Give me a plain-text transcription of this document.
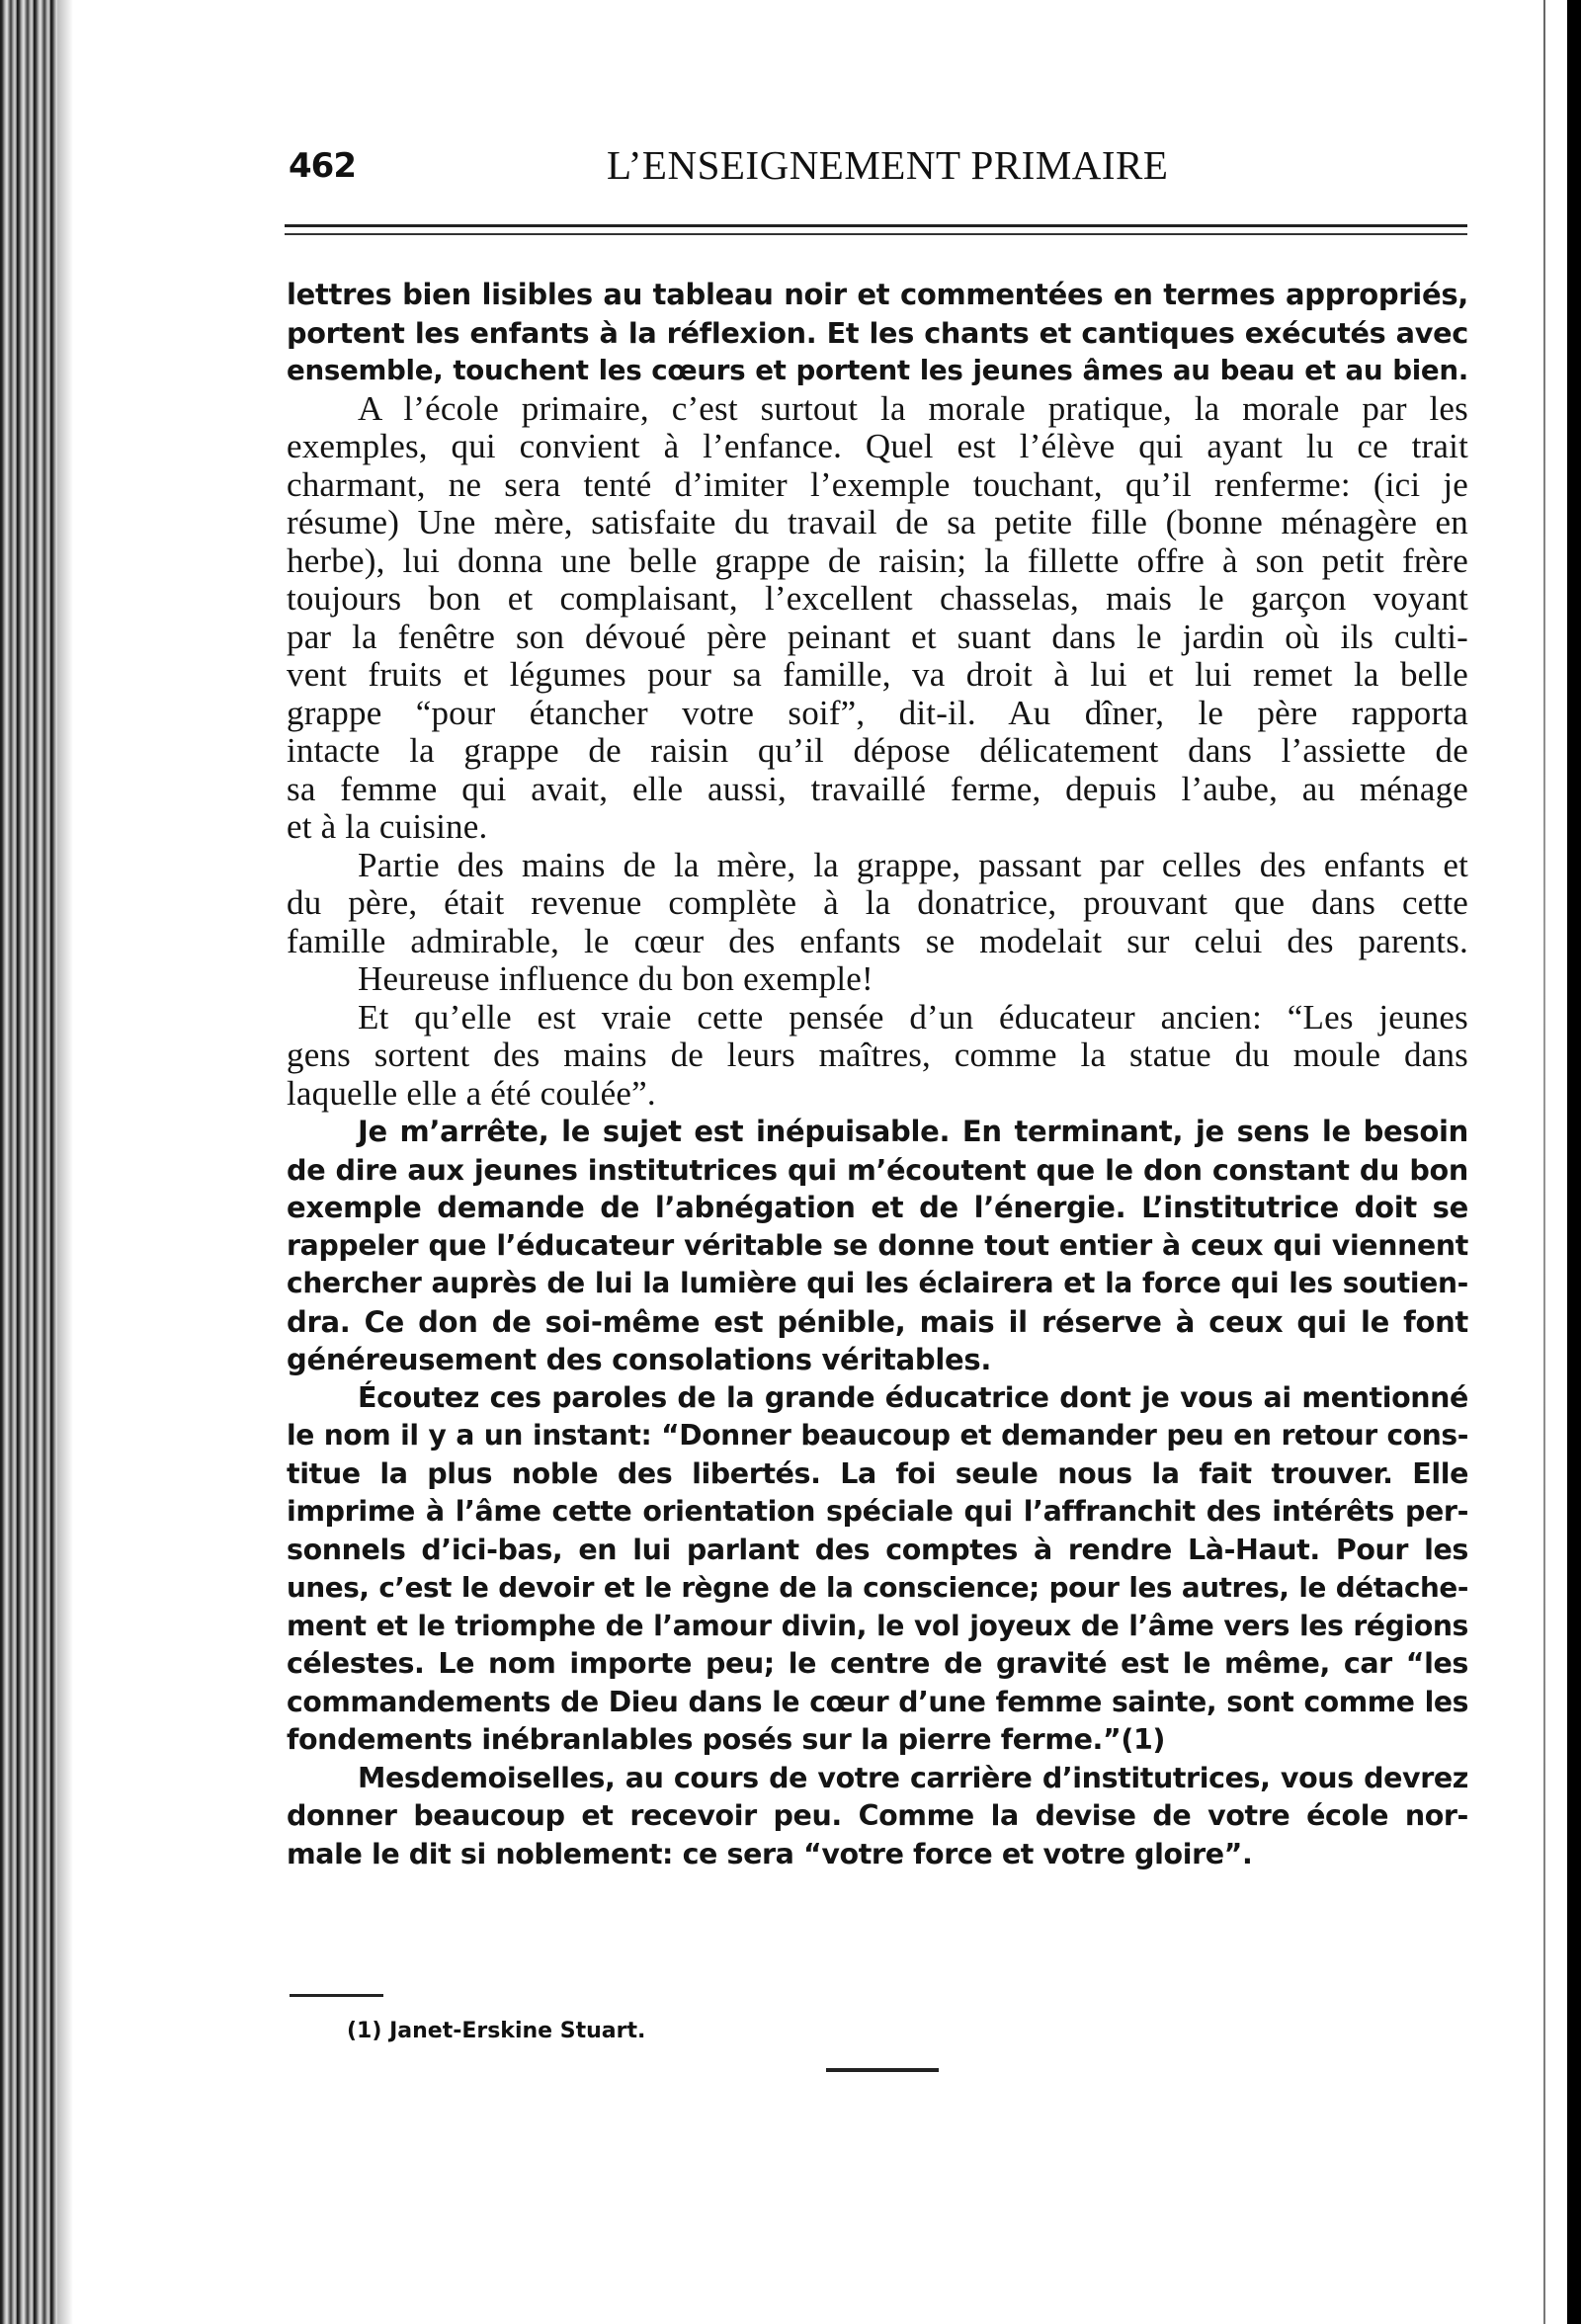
462	L’ENSEIGNEMENT PRIMAIRE
lettres bien lisibles au tableau noir et commentées en termes appropriés,
portent les enfants à la réflexion. Et les chants et cantiques exécutés avec
ensemble, touchent les cœurs et portent les jeunes âmes au beau et au bien.
A l’école primaire, c’est surtout la morale pratique, la morale par les
exemples, qui convient à l’enfance. Quel est l’élève qui ayant lu ce trait
charmant, ne sera tenté d’imiter l’exemple touchant, qu’il renferme: (ici je
résume) Une mère, satisfaite du travail de sa petite fille (bonne ménagère en
herbe), lui donna une belle grappe de raisin; la fillette offre à son petit frère
toujours bon et complaisant, l’excellent chasselas, mais le garçon voyant
par la fenêtre son dévoué père peinant et suant dans le jardin où ils culti-
vent fruits et légumes pour sa famille, va droit à lui et lui remet la belle
grappe “pour étancher votre soif”, dit-il. Au dîner, le père rapporta
intacte la grappe de raisin qu’il dépose délicatement dans l’assiette de
sa femme qui avait, elle aussi, travaillé ferme, depuis l’aube, au ménage
et à la cuisine.
Partie des mains de la mère, la grappe, passant par celles des enfants et
du père, était revenue complète à la donatrice, prouvant que dans cette
famille admirable, le cœur des enfants se modelait sur celui des parents.
Heureuse influence du bon exemple!
Et qu’elle est vraie cette pensée d’un éducateur ancien: “Les jeunes
gens sortent des mains de leurs maîtres, comme la statue du moule dans
laquelle elle a été coulée”.
Je m’arrête, le sujet est inépuisable. En terminant, je sens le besoin
de dire aux jeunes institutrices qui m’écoutent que le don constant du bon
exemple demande de l’abnégation et de l’énergie. L’institutrice doit se
rappeler que l’éducateur véritable se donne tout entier à ceux qui viennent
chercher auprès de lui la lumière qui les éclairera et la force qui les soutien-
dra. Ce don de soi-même est pénible, mais il réserve à ceux qui le font
généreusement des consolations véritables.
Écoutez ces paroles de la grande éducatrice dont je vous ai mentionné
le nom il y a un instant: “Donner beaucoup et demander peu en retour cons-
titue la plus noble des libertés. La foi seule nous la fait trouver. Elle
imprime à l’âme cette orientation spéciale qui l’affranchit des intérêts per-
sonnels d’ici-bas, en lui parlant des comptes à rendre Là-Haut. Pour les
unes, c’est le devoir et le règne de la conscience; pour les autres, le détache-
ment et le triomphe de l’amour divin, le vol joyeux de l’âme vers les régions
célestes. Le nom importe peu; le centre de gravité est le même, car “les
commandements de Dieu dans le cœur d’une femme sainte, sont comme les
fondements inébranlables posés sur la pierre ferme.”(1)
Mesdemoiselles, au cours de votre carrière d’institutrices, vous devrez
donner beaucoup et recevoir peu. Comme la devise de votre école nor-
male le dit si noblement: ce sera “votre force et votre gloire”.
(1) Janet-Erskine Stuart.
